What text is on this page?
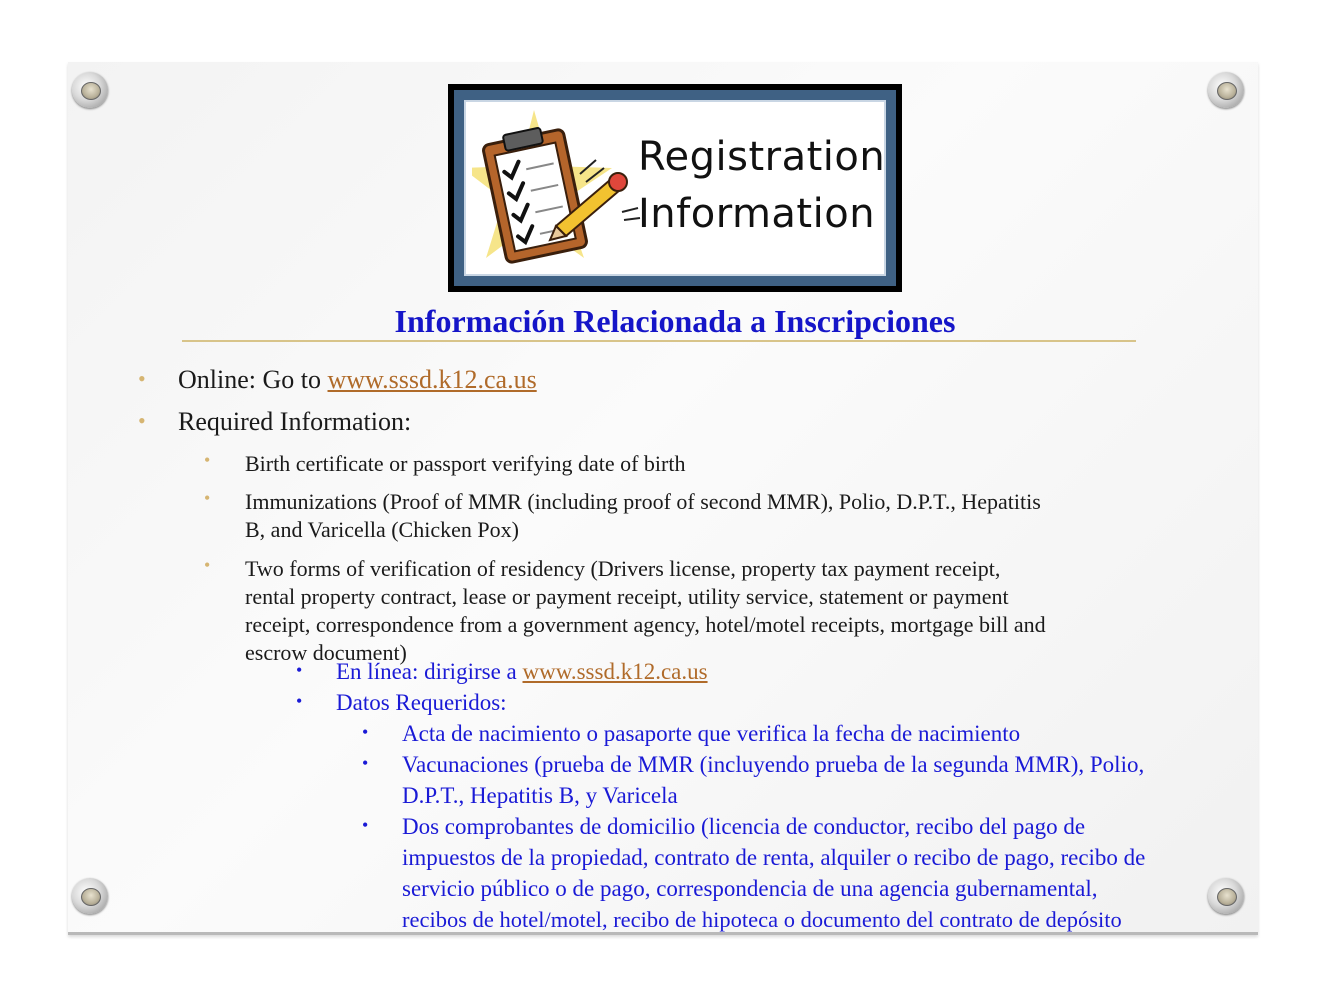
Registration
Information
Información Relacionada a Inscripciones
• Online: Go to www.sssd.k12.ca.us
• Required Information:
• Birth certificate or passport verifying date of birth
• Immunizations (Proof of MMR (including proof of second MMR), Polio, D.P.T., Hepatitis
B, and Varicella (Chicken Pox)
• Two forms of verification of residency (Drivers license, property tax payment receipt,
rental property contract, lease or payment receipt, utility service, statement or payment
receipt, correspondence from a government agency, hotel/motel receipts, mortgage bill and
escrow document)
• En línea: dirigirse a www.sssd.k12.ca.us
• Datos Requeridos:
• Acta de nacimiento o pasaporte que verifica la fecha de nacimiento
• Vacunaciones (prueba de MMR (incluyendo prueba de la segunda MMR), Polio,
D.P.T., Hepatitis B, y Varicela
• Dos comprobantes de domicilio (licencia de conductor, recibo del pago de
impuestos de la propiedad, contrato de renta, alquiler o recibo de pago, recibo de
servicio público o de pago, correspondencia de una agencia gubernamental,
recibos de hotel/motel, recibo de hipoteca o documento del contrato de depósito
